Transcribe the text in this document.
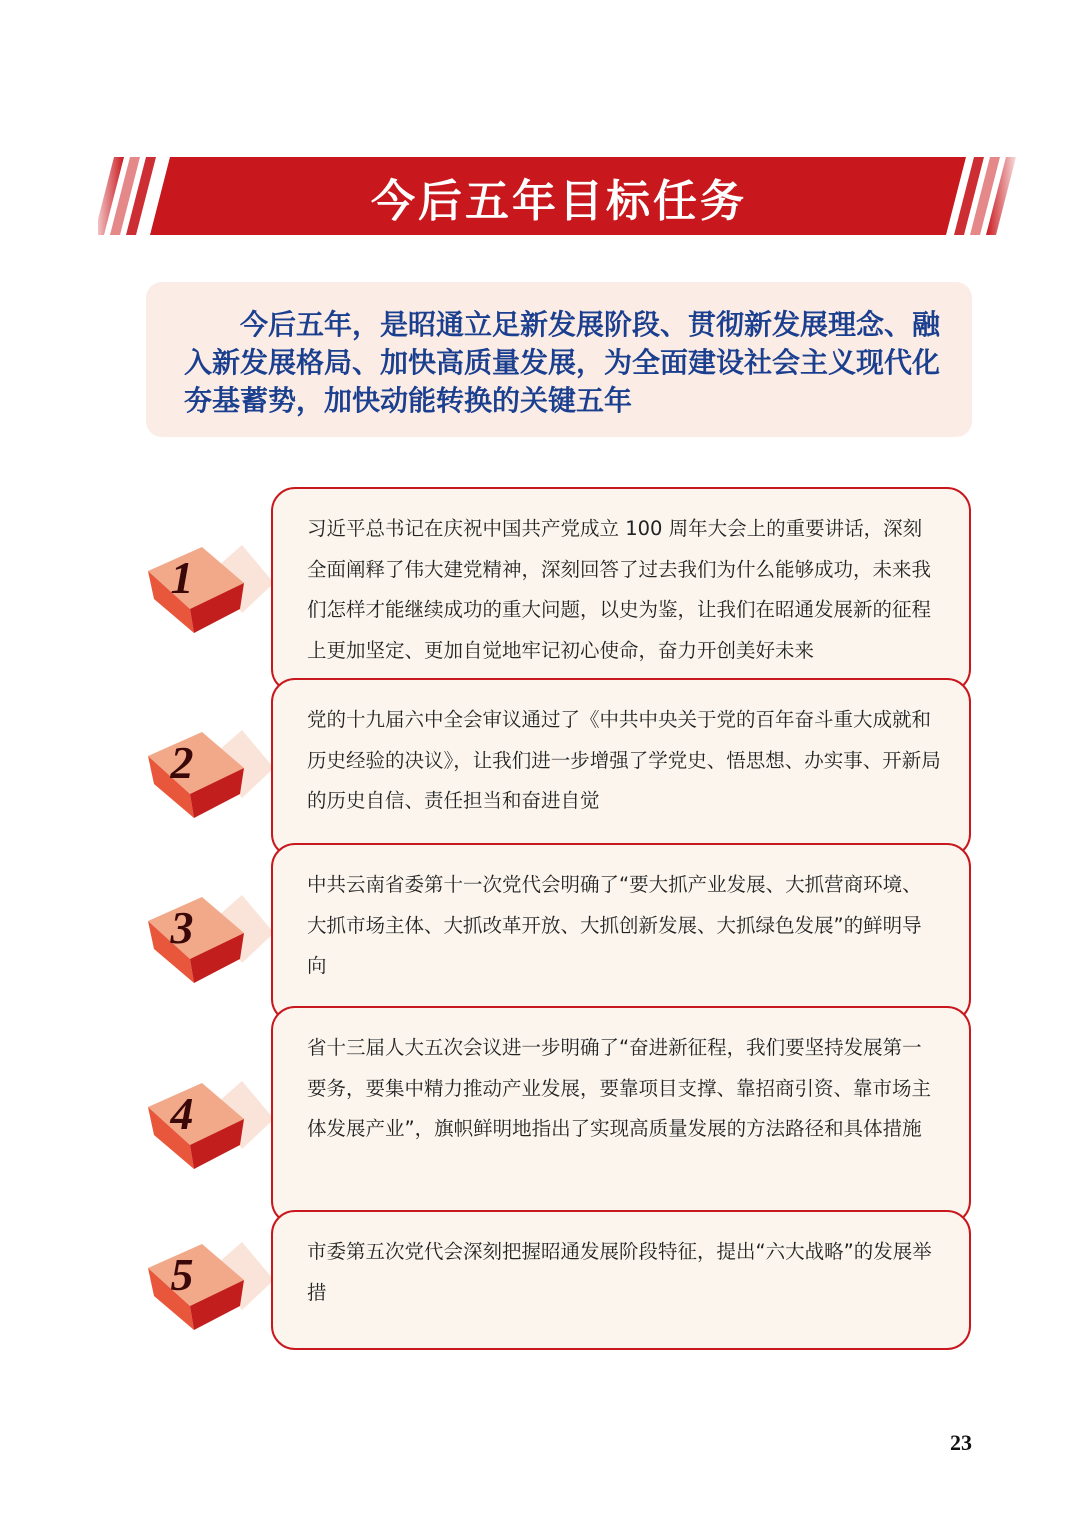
今后五年目标任务

今后五年，是昭通立足新发展阶段、贯彻新发展理念、融入新发展格局、加快高质量发展，为全面建设社会主义现代化夯基蓄势，加快动能转换的关键五年

习近平总书记在庆祝中国共产党成立 100 周年大会上的重要讲话，深刻全面阐释了伟大建党精神，深刻回答了过去我们为什么能够成功，未来我们怎样才能继续成功的重大问题，以史为鉴，让我们在昭通发展新的征程上更加坚定、更加自觉地牢记初心使命，奋力开创美好未来

党的十九届六中全会审议通过了《中共中央关于党的百年奋斗重大成就和历史经验的决议》，让我们进一步增强了学党史、悟思想、办实事、开新局的历史自信、责任担当和奋进自觉

中共云南省委第十一次党代会明确了“要大抓产业发展、大抓营商环境、大抓市场主体、大抓改革开放、大抓创新发展、大抓绿色发展”的鲜明导向

省十三届人大五次会议进一步明确了“奋进新征程，我们要坚持发展第一要务，要集中精力推动产业发展，要靠项目支撑、靠招商引资、靠市场主体发展产业”，旗帜鲜明地指出了实现高质量发展的方法路径和具体措施

市委第五次党代会深刻把握昭通发展阶段特征，提出“六大战略”的发展举措

1
2
3
4
5
23
